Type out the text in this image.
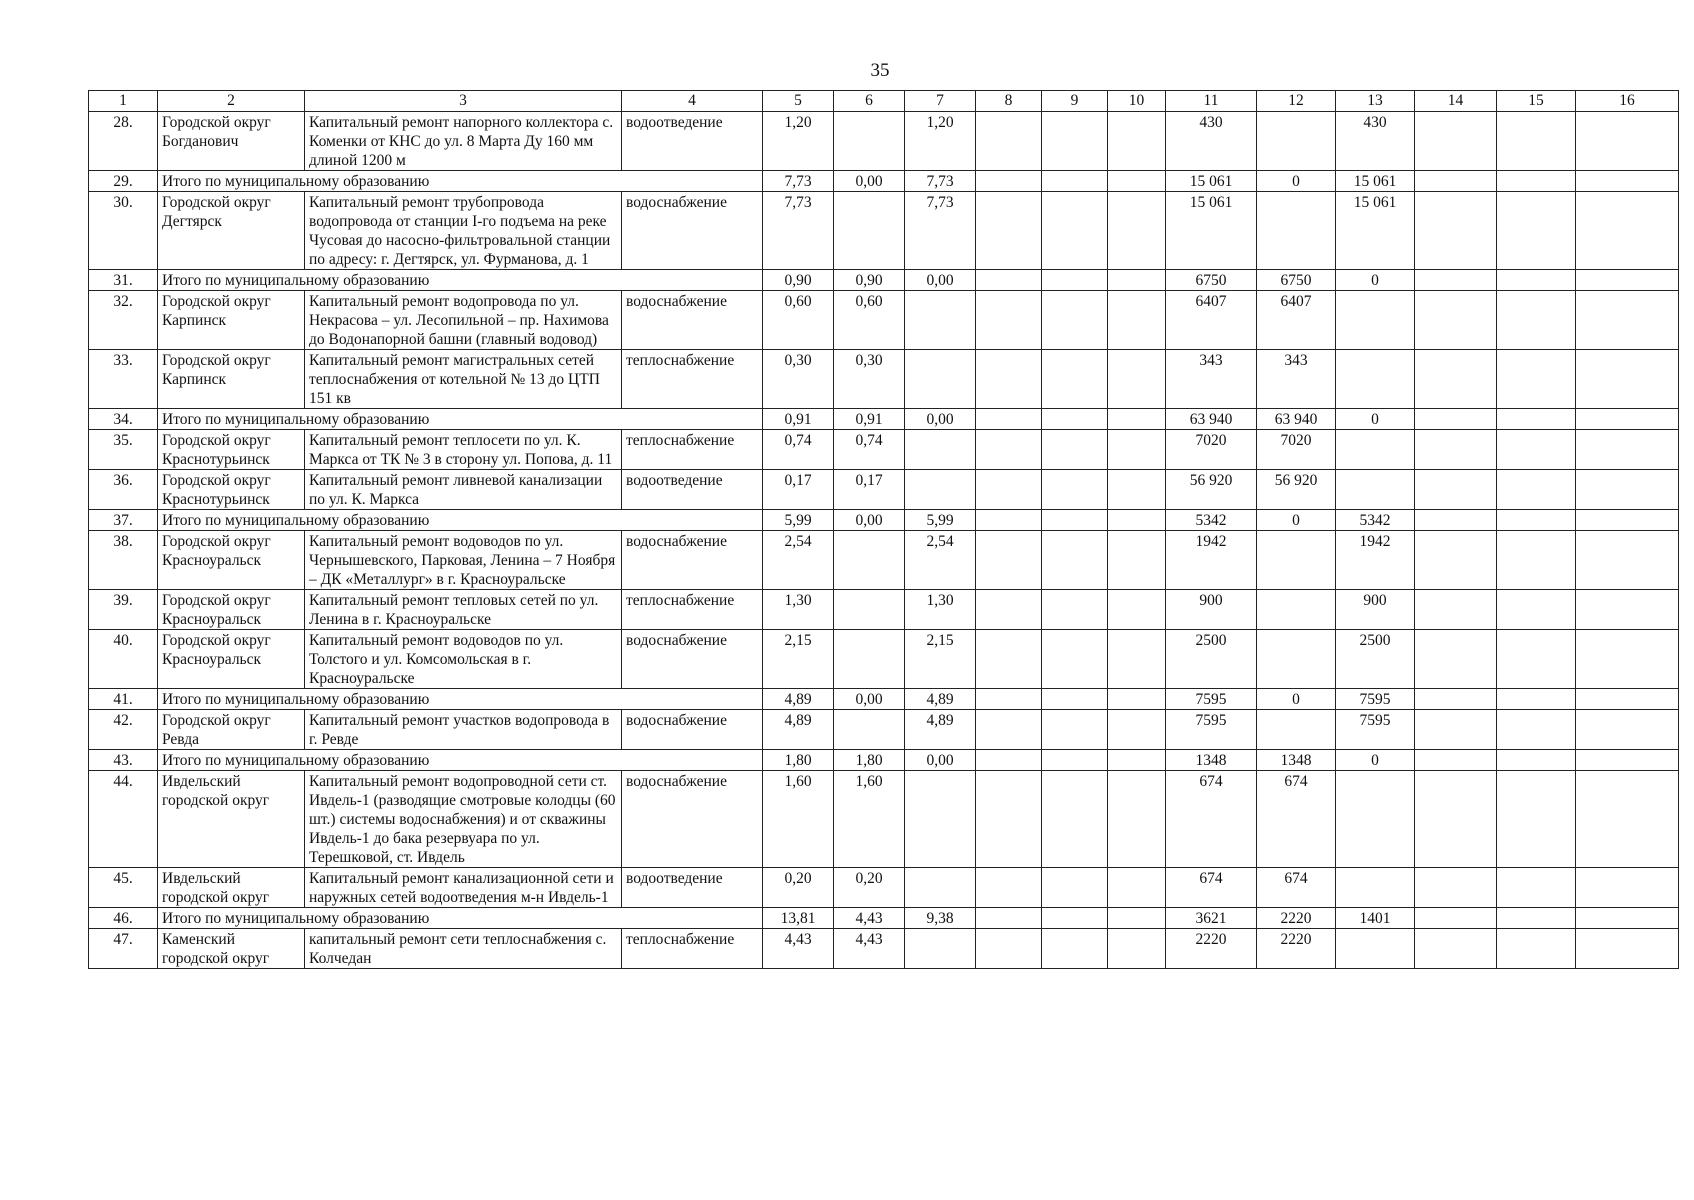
35
1	2	3	4	5	6	7	8	9	10	11	12	13	14	15	16
28.	Городской округ Богданович	Капитальный ремонт напорного коллектора с. Коменки от КНС до ул. 8 Марта Ду 160 мм длиной 1200 м	водоотведение	1,20		1,20				430		430			
29.	Итого по муниципальному образованию			7,73	0,00	7,73				15 061	0	15 061			
30.	Городской округ Дегтярск	Капитальный ремонт трубопровода водопровода от станции I-го подъема на реке Чусовая до насосно-фильтровальной станции по адресу: г. Дегтярск, ул. Фурманова, д. 1	водоснабжение	7,73		7,73				15 061		15 061			
31.	Итого по муниципальному образованию			0,90	0,90	0,00				6750	6750	0			
32.	Городской округ Карпинск	Капитальный ремонт водопровода по ул. Некрасова – ул. Лесопильной – пр. Нахимова до Водонапорной башни (главный водовод)	водоснабжение	0,60	0,60					6407	6407				
33.	Городской округ Карпинск	Капитальный ремонт магистральных сетей теплоснабжения от котельной № 13 до ЦТП 151 кв	теплоснабжение	0,30	0,30					343	343				
34.	Итого по муниципальному образованию			0,91	0,91	0,00				63 940	63 940	0			
35.	Городской округ Краснотурьинск	Капитальный ремонт теплосети по ул. К. Маркса от ТК № 3 в сторону ул. Попова, д. 11	теплоснабжение	0,74	0,74					7020	7020				
36.	Городской округ Краснотурьинск	Капитальный ремонт ливневой канализации по ул. К. Маркса	водоотведение	0,17	0,17					56 920	56 920				
37.	Итого по муниципальному образованию			5,99	0,00	5,99				5342	0	5342			
38.	Городской округ Красноуральск	Капитальный ремонт водоводов по ул. Чернышевского, Парковая, Ленина – 7 Ноября – ДК «Металлург» в г. Красноуральске	водоснабжение	2,54		2,54				1942		1942			
39.	Городской округ Красноуральск	Капитальный ремонт тепловых сетей по ул. Ленина в г. Красноуральске	теплоснабжение	1,30		1,30				900		900			
40.	Городской округ Красноуральск	Капитальный ремонт водоводов по ул. Толстого и ул. Комсомольская в г. Красноуральске	водоснабжение	2,15		2,15				2500		2500			
41.	Итого по муниципальному образованию			4,89	0,00	4,89				7595	0	7595			
42.	Городской округ Ревда	Капитальный ремонт участков водопровода в г. Ревде	водоснабжение	4,89		4,89				7595		7595			
43.	Итого по муниципальному образованию			1,80	1,80	0,00				1348	1348	0			
44.	Ивдельский городской округ	Капитальный ремонт водопроводной сети ст. Ивдель-1 (разводящие смотровые колодцы (60 шт.) системы водоснабжения) и от скважины Ивдель-1 до бака резервуара по ул. Терешковой, ст. Ивдель	водоснабжение	1,60	1,60					674	674				
45.	Ивдельский городской округ	Капитальный ремонт канализационной сети и наружных сетей водоотведения м-н Ивдель-1	водоотведение	0,20	0,20					674	674				
46.	Итого по муниципальному образованию			13,81	4,43	9,38				3621	2220	1401			
47.	Каменский городской округ	капитальный ремонт сети теплоснабжения с. Колчедан	теплоснабжение	4,43	4,43					2220	2220				
